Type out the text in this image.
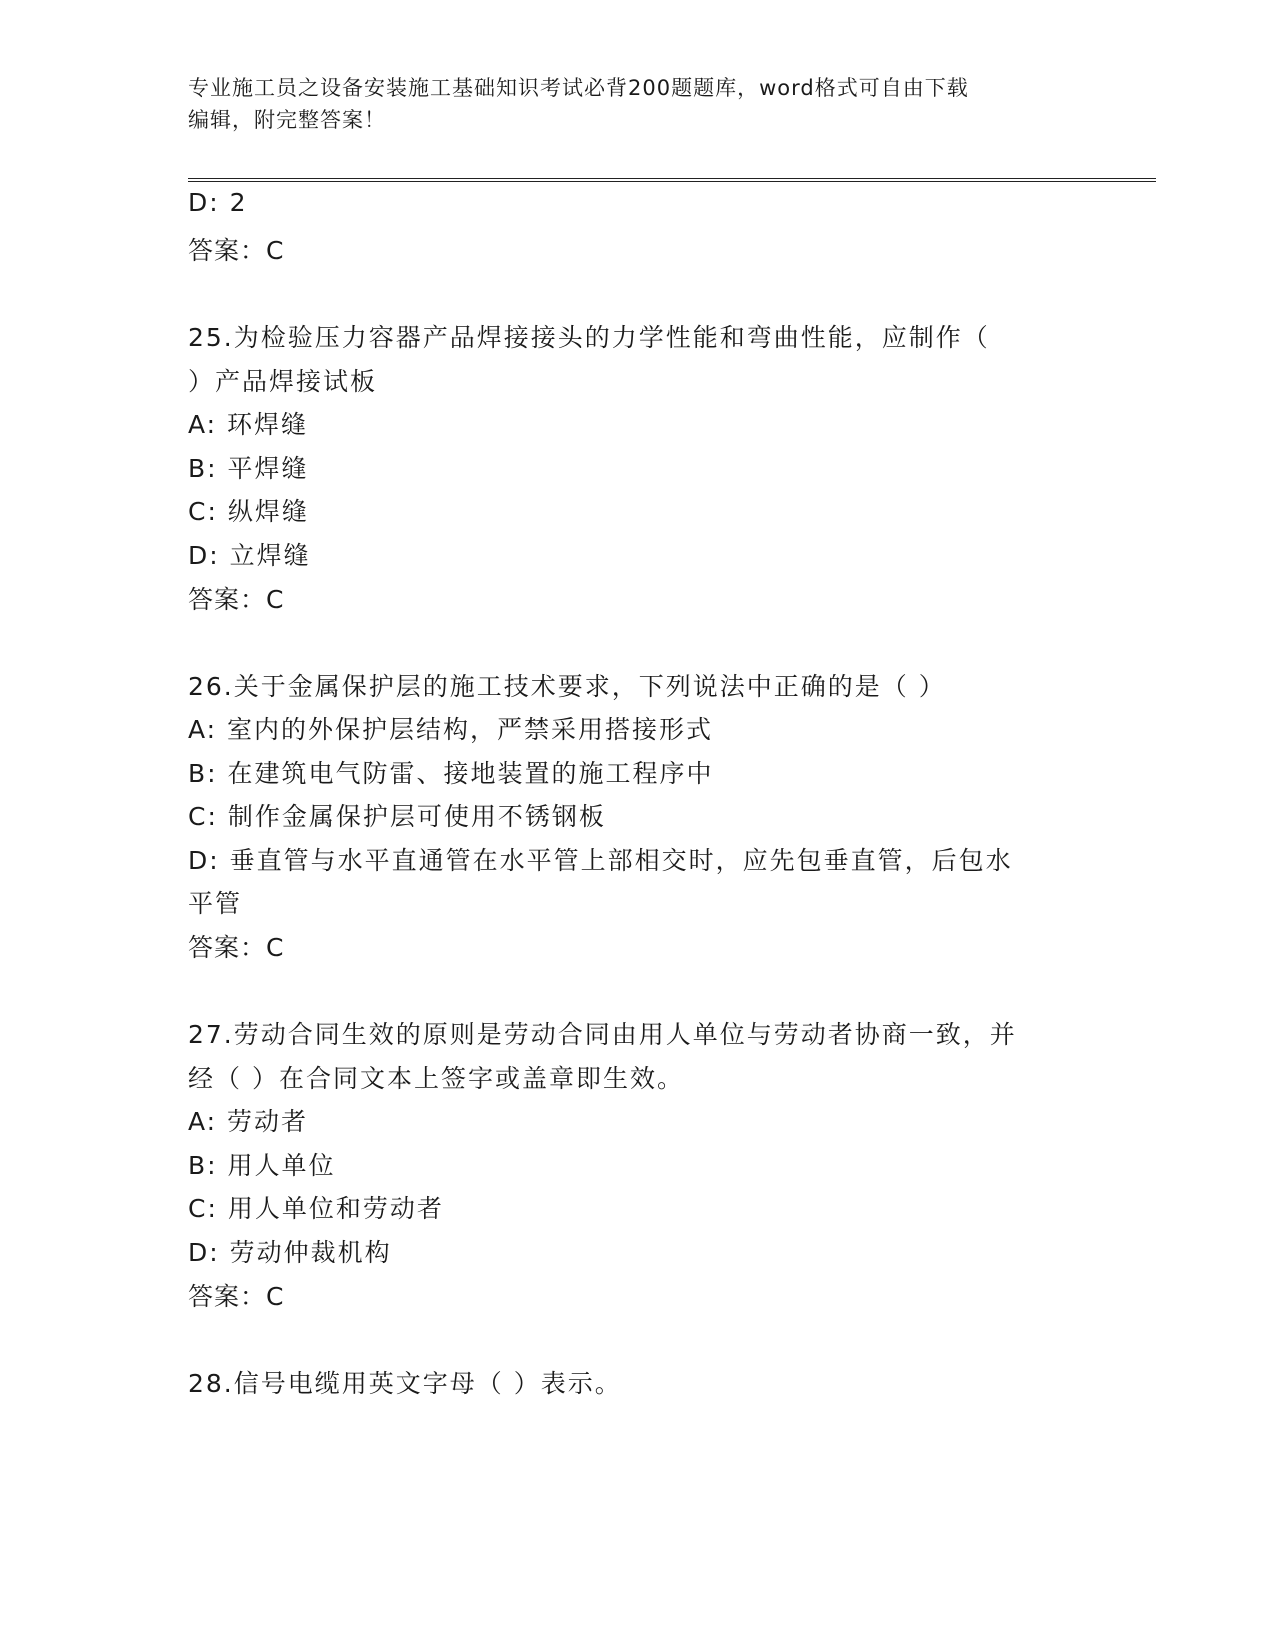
专业施工员之设备安装施工基础知识考试必背200题题库，word格式可自由下载
编辑，附完整答案！
D: 2
答案：C
25.为检验压力容器产品焊接接头的力学性能和弯曲性能，应制作（
）产品焊接试板
A: 环焊缝
B: 平焊缝
C: 纵焊缝
D: 立焊缝
答案：C
26.关于金属保护层的施工技术要求，下列说法中正确的是（ ）
A: 室内的外保护层结构，严禁采用搭接形式
B: 在建筑电气防雷、接地装置的施工程序中
C: 制作金属保护层可使用不锈钢板
D: 垂直管与水平直通管在水平管上部相交时，应先包垂直管，后包水
平管
答案：C
27.劳动合同生效的原则是劳动合同由用人单位与劳动者协商一致，并
经（ ）在合同文本上签字或盖章即生效。
A: 劳动者
B: 用人单位
C: 用人单位和劳动者
D: 劳动仲裁机构
答案：C
28.信号电缆用英文字母（ ）表示。
